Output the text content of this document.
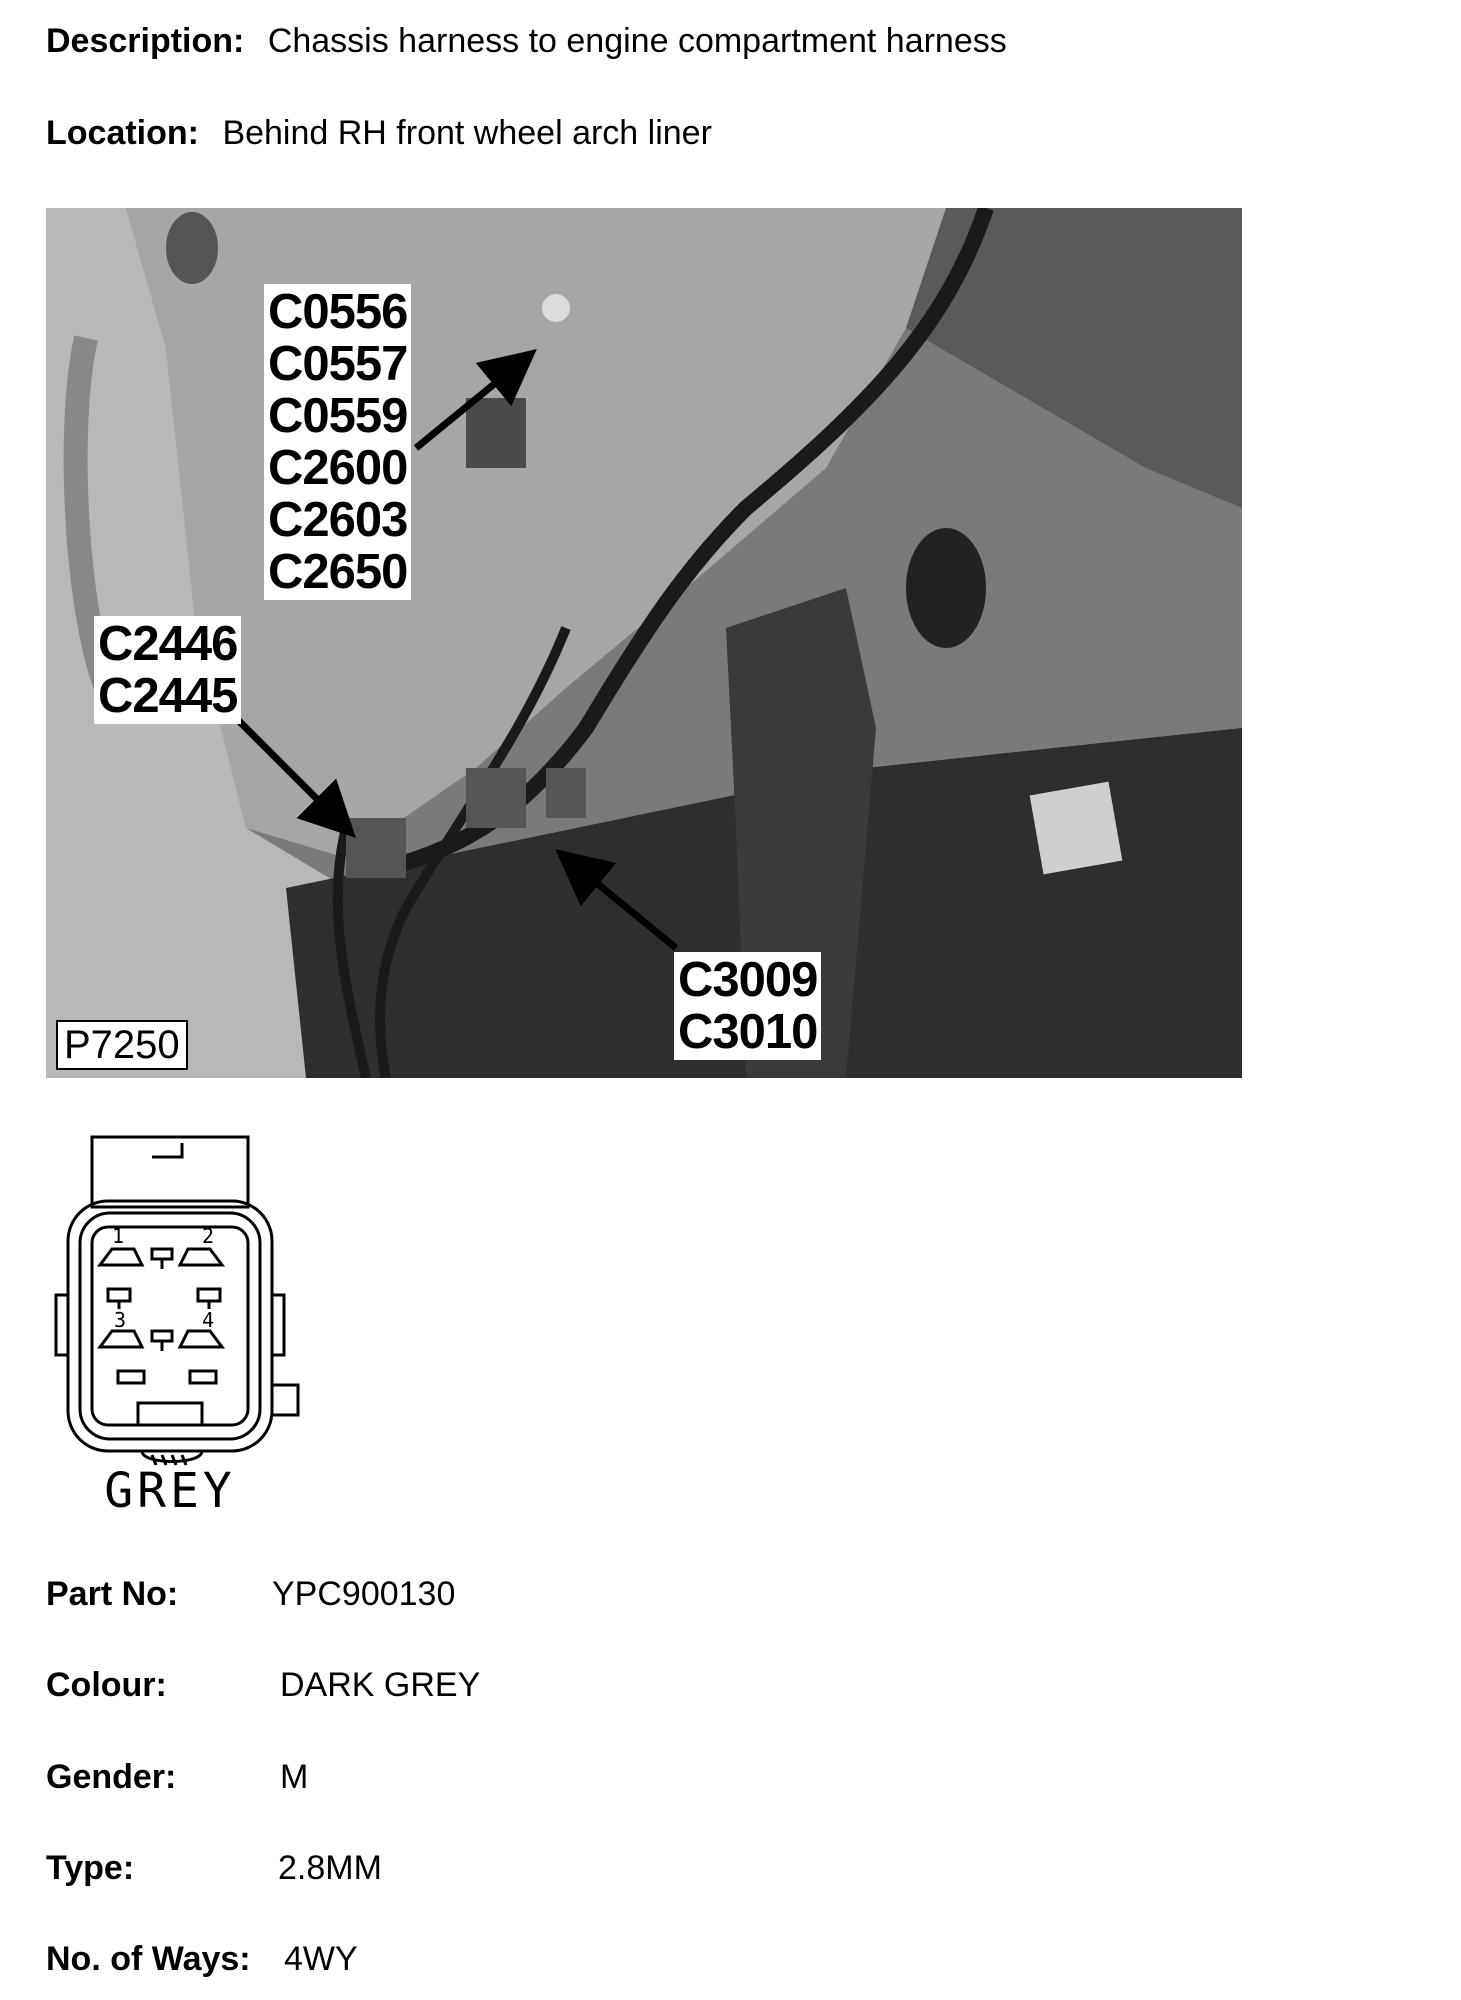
Description: Chassis harness to engine compartment harness
Location: Behind RH front wheel arch liner
C0556
C0557
C0559
C2600
C2603
C2650
C2446
C2445
C3009
C3010
P7250
1	2
3	4
GREY
Part No:	YPC900130
Colour:	DARK GREY
Gender:	M
Type:	2.8MM
No. of Ways: 4WY
